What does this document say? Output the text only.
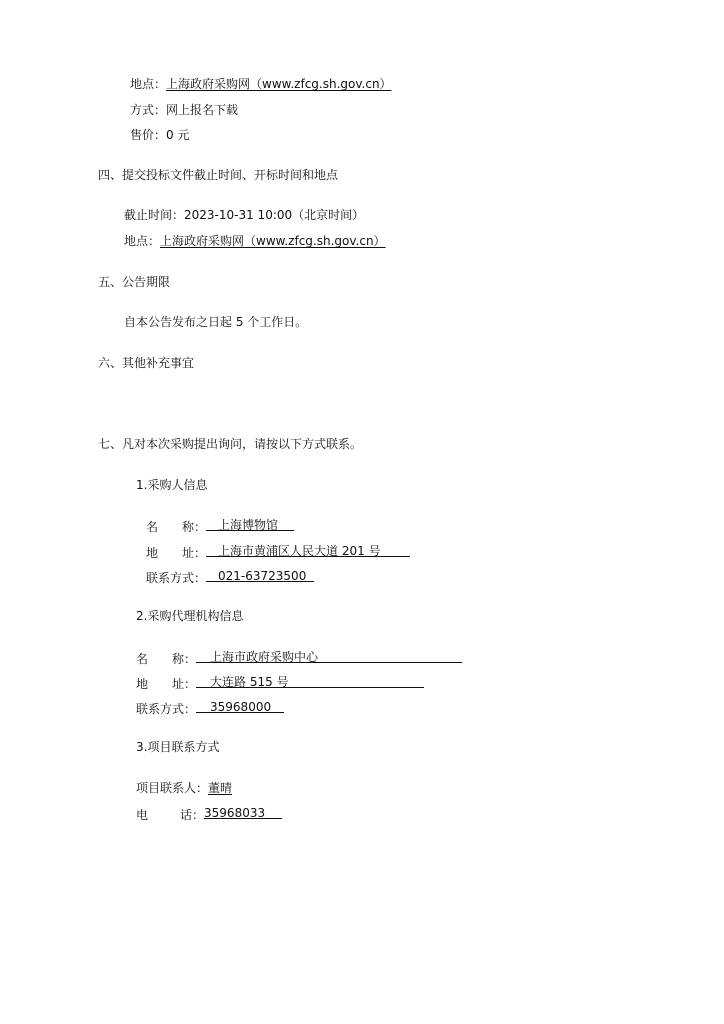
地点：上海政府采购网（www.zfcg.sh.gov.cn）
方式：网上报名下载
售价：0 元
四、提交投标文件截止时间、开标时间和地点
截止时间：2023-10-31 10:00（北京时间）
地点：上海政府采购网（www.zfcg.sh.gov.cn）
五、公告期限
自本公告发布之日起 5 个工作日。
六、其他补充事宜
七、凡对本次采购提出询问，请按以下方式联系。
1.采购人信息
名 称： 上海博物馆
地 址： 上海市黄浦区人民大道 201 号
联系方式： 021-63723500
2.采购代理机构信息
名 称： 上海市政府采购中心
地 址： 大连路 515 号
联系方式： 35968000
3.项目联系方式
项目联系人：董晴
电	话： 35968033
